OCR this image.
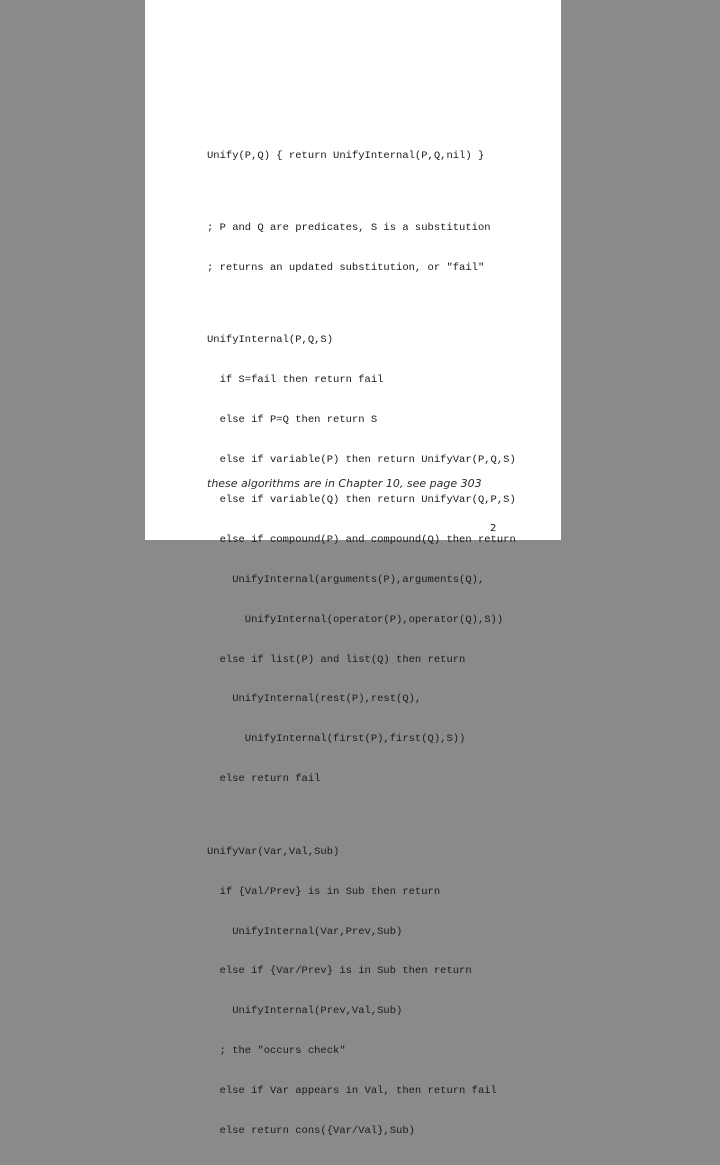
Unify(P,Q) { return UnifyInternal(P,Q,nil) }

; P and Q are predicates, S is a substitution

; returns an updated substitution, or "fail"

UnifyInternal(P,Q,S)

if S=fail then return fail

else if P=Q then return S

else if variable(P) then return UnifyVar(P,Q,S)

else if variable(Q) then return UnifyVar(Q,P,S)

else if compound(P) and compound(Q) then return

UnifyInternal(arguments(P),arguments(Q),

UnifyInternal(operator(P),operator(Q),S))

else if list(P) and list(Q) then return

UnifyInternal(rest(P),rest(Q),

UnifyInternal(first(P),first(Q),S))

else return fail

UnifyVar(Var,Val,Sub)

if {Val/Prev} is in Sub then return

UnifyInternal(Var,Prev,Sub)

else if {Var/Prev} is in Sub then return

UnifyInternal(Prev,Val,Sub)

; the "occurs check"

else if Var appears in Val, then return fail

else return cons({Var/Val},Sub)

these algorithms are in Chapter 10, see page 303
2
